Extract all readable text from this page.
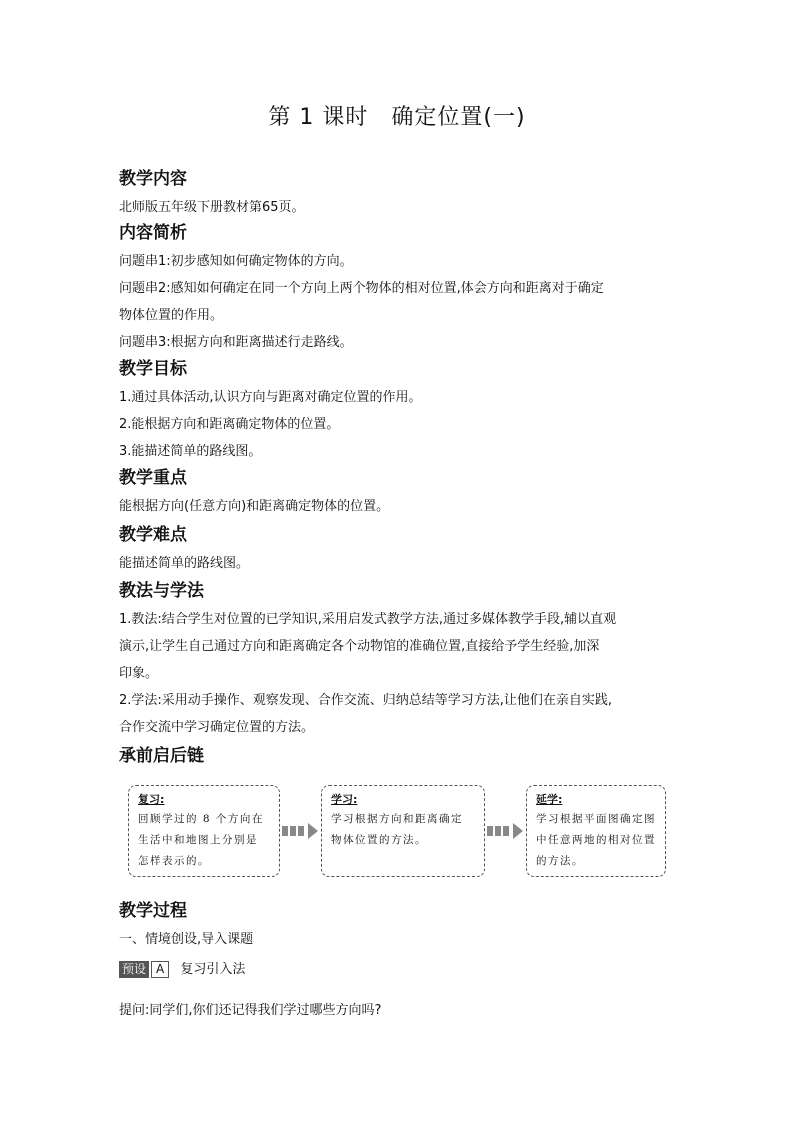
第 1 课时　确定位置(一)
教学内容

北师版五年级下册教材第65页。

内容简析

问题串1:初步感知如何确定物体的方向。

问题串2:感知如何确定在同一个方向上两个物体的相对位置,体会方向和距离对于确定

物体位置的作用。

问题串3:根据方向和距离描述行走路线。

教学目标

1.通过具体活动,认识方向与距离对确定位置的作用。

2.能根据方向和距离确定物体的位置。

3.能描述简单的路线图。

教学重点

能根据方向(任意方向)和距离确定物体的位置。

教学难点

能描述简单的路线图。

教法与学法

1.教法:结合学生对位置的已学知识,采用启发式教学方法,通过多媒体教学手段,辅以直观

演示,让学生自己通过方向和距离确定各个动物馆的准确位置,直接给予学生经验,加深

印象。

2.学法:采用动手操作、观察发现、合作交流、归纳总结等学习方法,让他们在亲自实践,

合作交流中学习确定位置的方法。

承前启后链
复习:
回顾学过的 8 个方向在
生活中和地图上分别是
怎样表示的。
学习:
学习根据方向和距离确定
物体位置的方法。
延学:
学习根据平面图确定图
中任意两地的相对位置
的方法。
教学过程

一、情境创设,导入课题

预设 A 复习引入法

提问:同学们,你们还记得我们学过哪些方向吗?
